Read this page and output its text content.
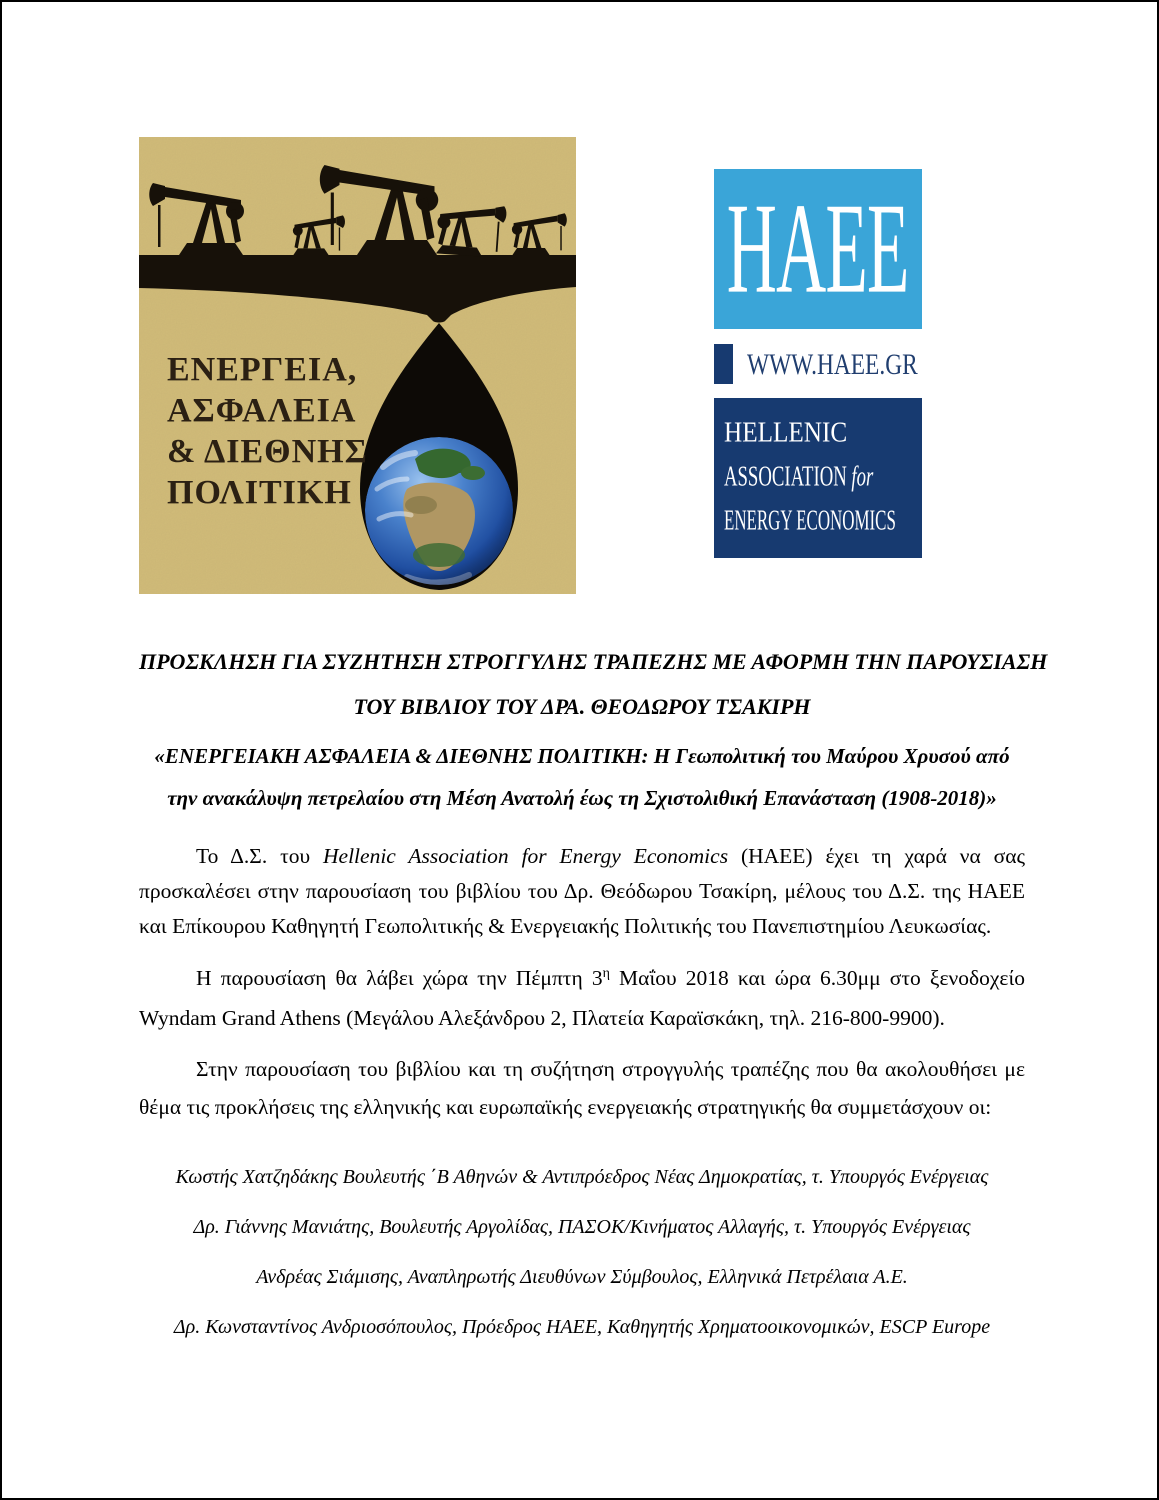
ΕΝΕΡΓΕΙΑ,
ΑΣΦΑΛΕΙΑ
& ΔΙΕΘΝΗΣ
ΠΟΛΙΤΙΚΗ
HAEE
WWW.HAEE.GR
HELLENIC
ASSOCIATION for
ENERGY ECONOMICS
ΠΡΟΣΚΛΗΣΗ ΓΙΑ ΣΥΖΗΤΗΣΗ ΣΤΡΟΓΓΥΛΗΣ ΤΡΑΠΕΖΗΣ ΜΕ ΑΦΟΡΜΗ ΤΗΝ ΠΑΡΟΥΣΙΑΣΗ
ΤΟΥ ΒΙΒΛΙΟΥ ΤΟΥ ΔΡΑ. ΘΕΟΔΩΡΟΥ ΤΣΑΚΙΡΗ
«ΕΝΕΡΓΕΙΑΚΗ ΑΣΦΑΛΕΙΑ & ΔΙΕΘΝΗΣ ΠΟΛΙΤΙΚΗ: Η Γεωπολιτική του Μαύρου Χρυσού από
την ανακάλυψη πετρελαίου στη Μέση Ανατολή έως τη Σχιστολιθική Επανάσταση (1908-2018)»

Το Δ.Σ. του Hellenic Association for Energy Economics (ΗΑΕΕ) έχει τη χαρά να σας προσκαλέσει στην παρουσίαση του βιβλίου του Δρ. Θεόδωρου Τσακίρη, μέλους του Δ.Σ. της ΗΑΕΕ και Επίκουρου Καθηγητή Γεωπολιτικής & Ενεργειακής Πολιτικής του Πανεπιστημίου Λευκωσίας.

Η παρουσίαση θα λάβει χώρα την Πέμπτη $3^\eta$ Μαΐου 2018 και ώρα 6.30μμ στο ξενοδοχείο Wyndam Grand Athens (Μεγάλου Αλεξάνδρου 2, Πλατεία Καραϊσκάκη, τηλ. 216-800-9900).

Στην παρουσίαση του βιβλίου και τη συζήτηση στρογγυλής τραπέζης που θα ακολουθήσει με θέμα τις προκλήσεις της ελληνικής και ευρωπαϊκής ενεργειακής στρατηγικής θα συμμετάσχουν οι:

Κωστής Χατζηδάκης Βουλευτής ΄Β Αθηνών & Αντιπρόεδρος Νέας Δημοκρατίας, τ. Υπουργός Ενέργειας

Δρ. Γιάννης Μανιάτης, Βουλευτής Αργολίδας, ΠΑΣΟΚ/Κινήματος Αλλαγής, τ. Υπουργός Ενέργειας

Ανδρέας Σιάμισης, Αναπληρωτής Διευθύνων Σύμβουλος, Ελληνικά Πετρέλαια Α.Ε.

Δρ. Κωνσταντίνος Ανδριοσόπουλος, Πρόεδρος ΗΑΕΕ, Καθηγητής Χρηματοοικονομικών, ESCP Europe
